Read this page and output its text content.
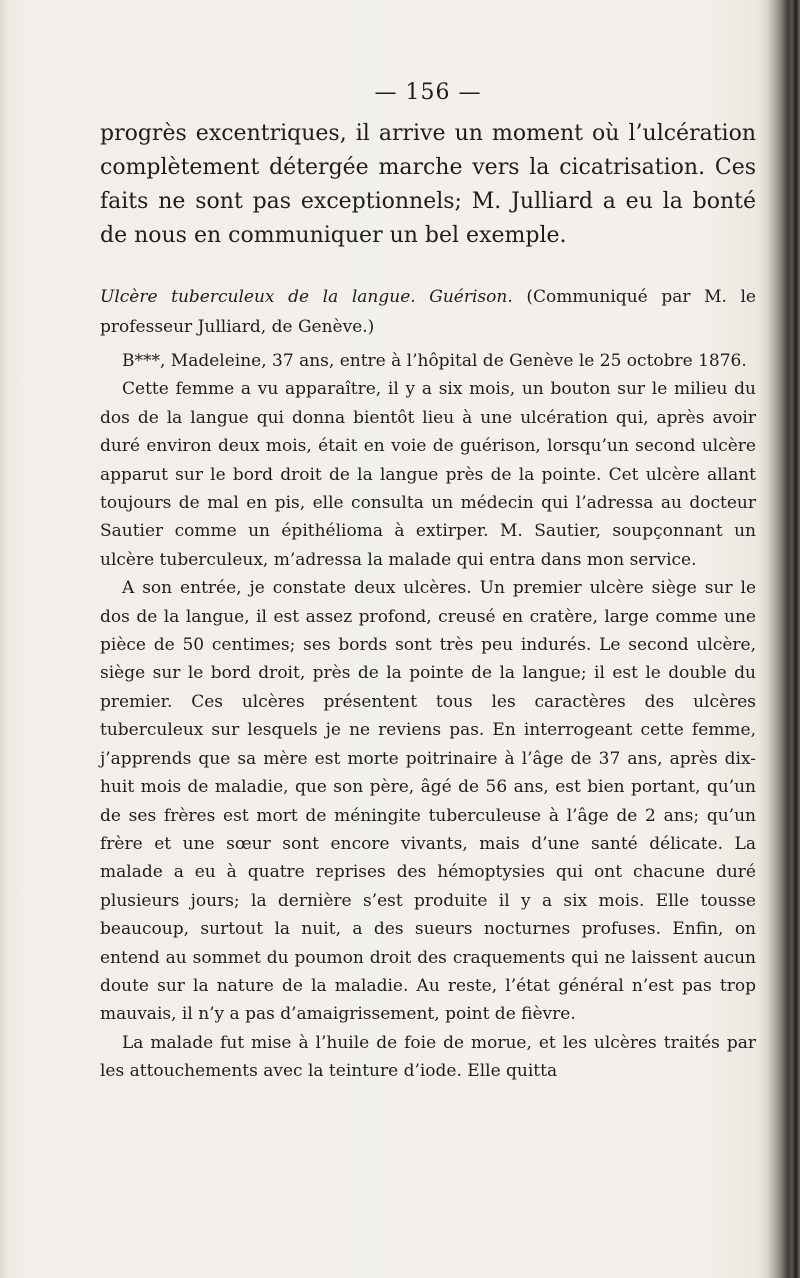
— 156 —

progrès excentriques, il arrive un moment où l’ulcération complètement détergée marche vers la cicatrisation. Ces faits ne sont pas exceptionnels; M. Julliard a eu la bonté de nous en communiquer un bel exemple.

Ulcère tuberculeux de la langue. Guérison. (Communiqué par M. le professeur Julliard, de Genève.)

B***, Madeleine, 37 ans, entre à l’hôpital de Genève le 25 octobre 1876.

Cette femme a vu apparaître, il y a six mois, un bouton sur le milieu du dos de la langue qui donna bientôt lieu à une ulcération qui, après avoir duré environ deux mois, était en voie de guérison, lorsqu’un second ulcère apparut sur le bord droit de la langue près de la pointe. Cet ulcère allant toujours de mal en pis, elle consulta un médecin qui l’adressa au docteur Sautier comme un épithélioma à extirper. M. Sautier, soupçonnant un ulcère tuberculeux, m’adressa la malade qui entra dans mon service.

A son entrée, je constate deux ulcères. Un premier ulcère siège sur le dos de la langue, il est assez profond, creusé en cratère, large comme une pièce de 50 centimes; ses bords sont très peu indurés. Le second ulcère, siège sur le bord droit, près de la pointe de la langue; il est le double du premier. Ces ulcères présentent tous les caractères des ulcères tuberculeux sur lesquels je ne reviens pas. En interrogeant cette femme, j’apprends que sa mère est morte poitrinaire à l’âge de 37 ans, après dix-huit mois de maladie, que son père, âgé de 56 ans, est bien portant, qu’un de ses frères est mort de méningite tuberculeuse à l’âge de 2 ans; qu’un frère et une sœur sont encore vivants, mais d’une santé délicate. La malade a eu à quatre reprises des hémoptysies qui ont chacune duré plusieurs jours; la dernière s’est produite il y a six mois. Elle tousse beaucoup, surtout la nuit, a des sueurs nocturnes profuses. Enfin, on entend au sommet du poumon droit des craquements qui ne laissent aucun doute sur la nature de la maladie. Au reste, l’état général n’est pas trop mauvais, il n’y a pas d’amaigrissement, point de fièvre.

La malade fut mise à l’huile de foie de morue, et les ulcères traités par les attouchements avec la teinture d’iode. Elle quitta
